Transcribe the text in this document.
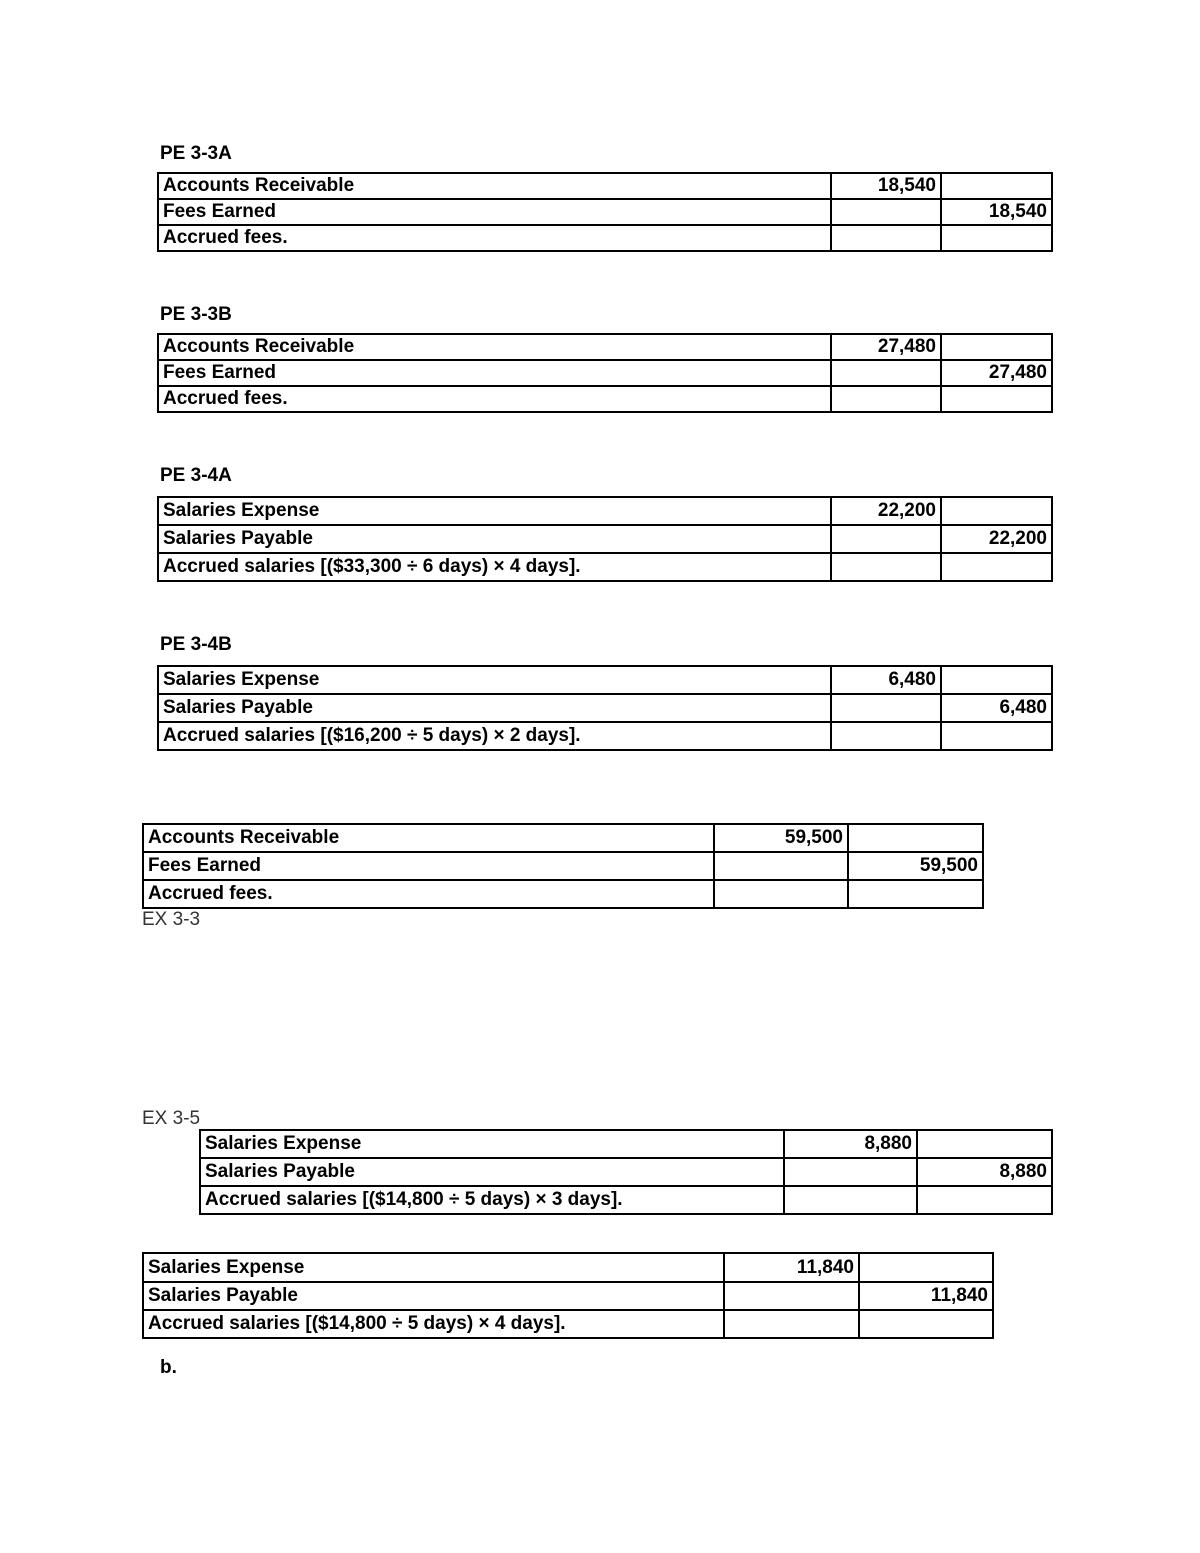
PE 3-3A
Accounts Receivable	18,540	
Fees Earned		18,540
Accrued fees.		
PE 3-3B
Accounts Receivable	27,480	
Fees Earned		27,480
Accrued fees.		
PE 3-4A
Salaries Expense	22,200	
Salaries Payable		22,200
Accrued salaries [($33,300 ÷ 6 days) × 4 days].		
PE 3-4B
Salaries Expense	6,480	
Salaries Payable		6,480
Accrued salaries [($16,200 ÷ 5 days) × 2 days].		
Accounts Receivable	59,500	
Fees Earned		59,500
Accrued fees.		
EX 3-3
EX 3-5
Salaries Expense	8,880	
Salaries Payable		8,880
Accrued salaries [($14,800 ÷ 5 days) × 3 days].		
Salaries Expense	11,840	
Salaries Payable		11,840
Accrued salaries [($14,800 ÷ 5 days) × 4 days].		
b.
